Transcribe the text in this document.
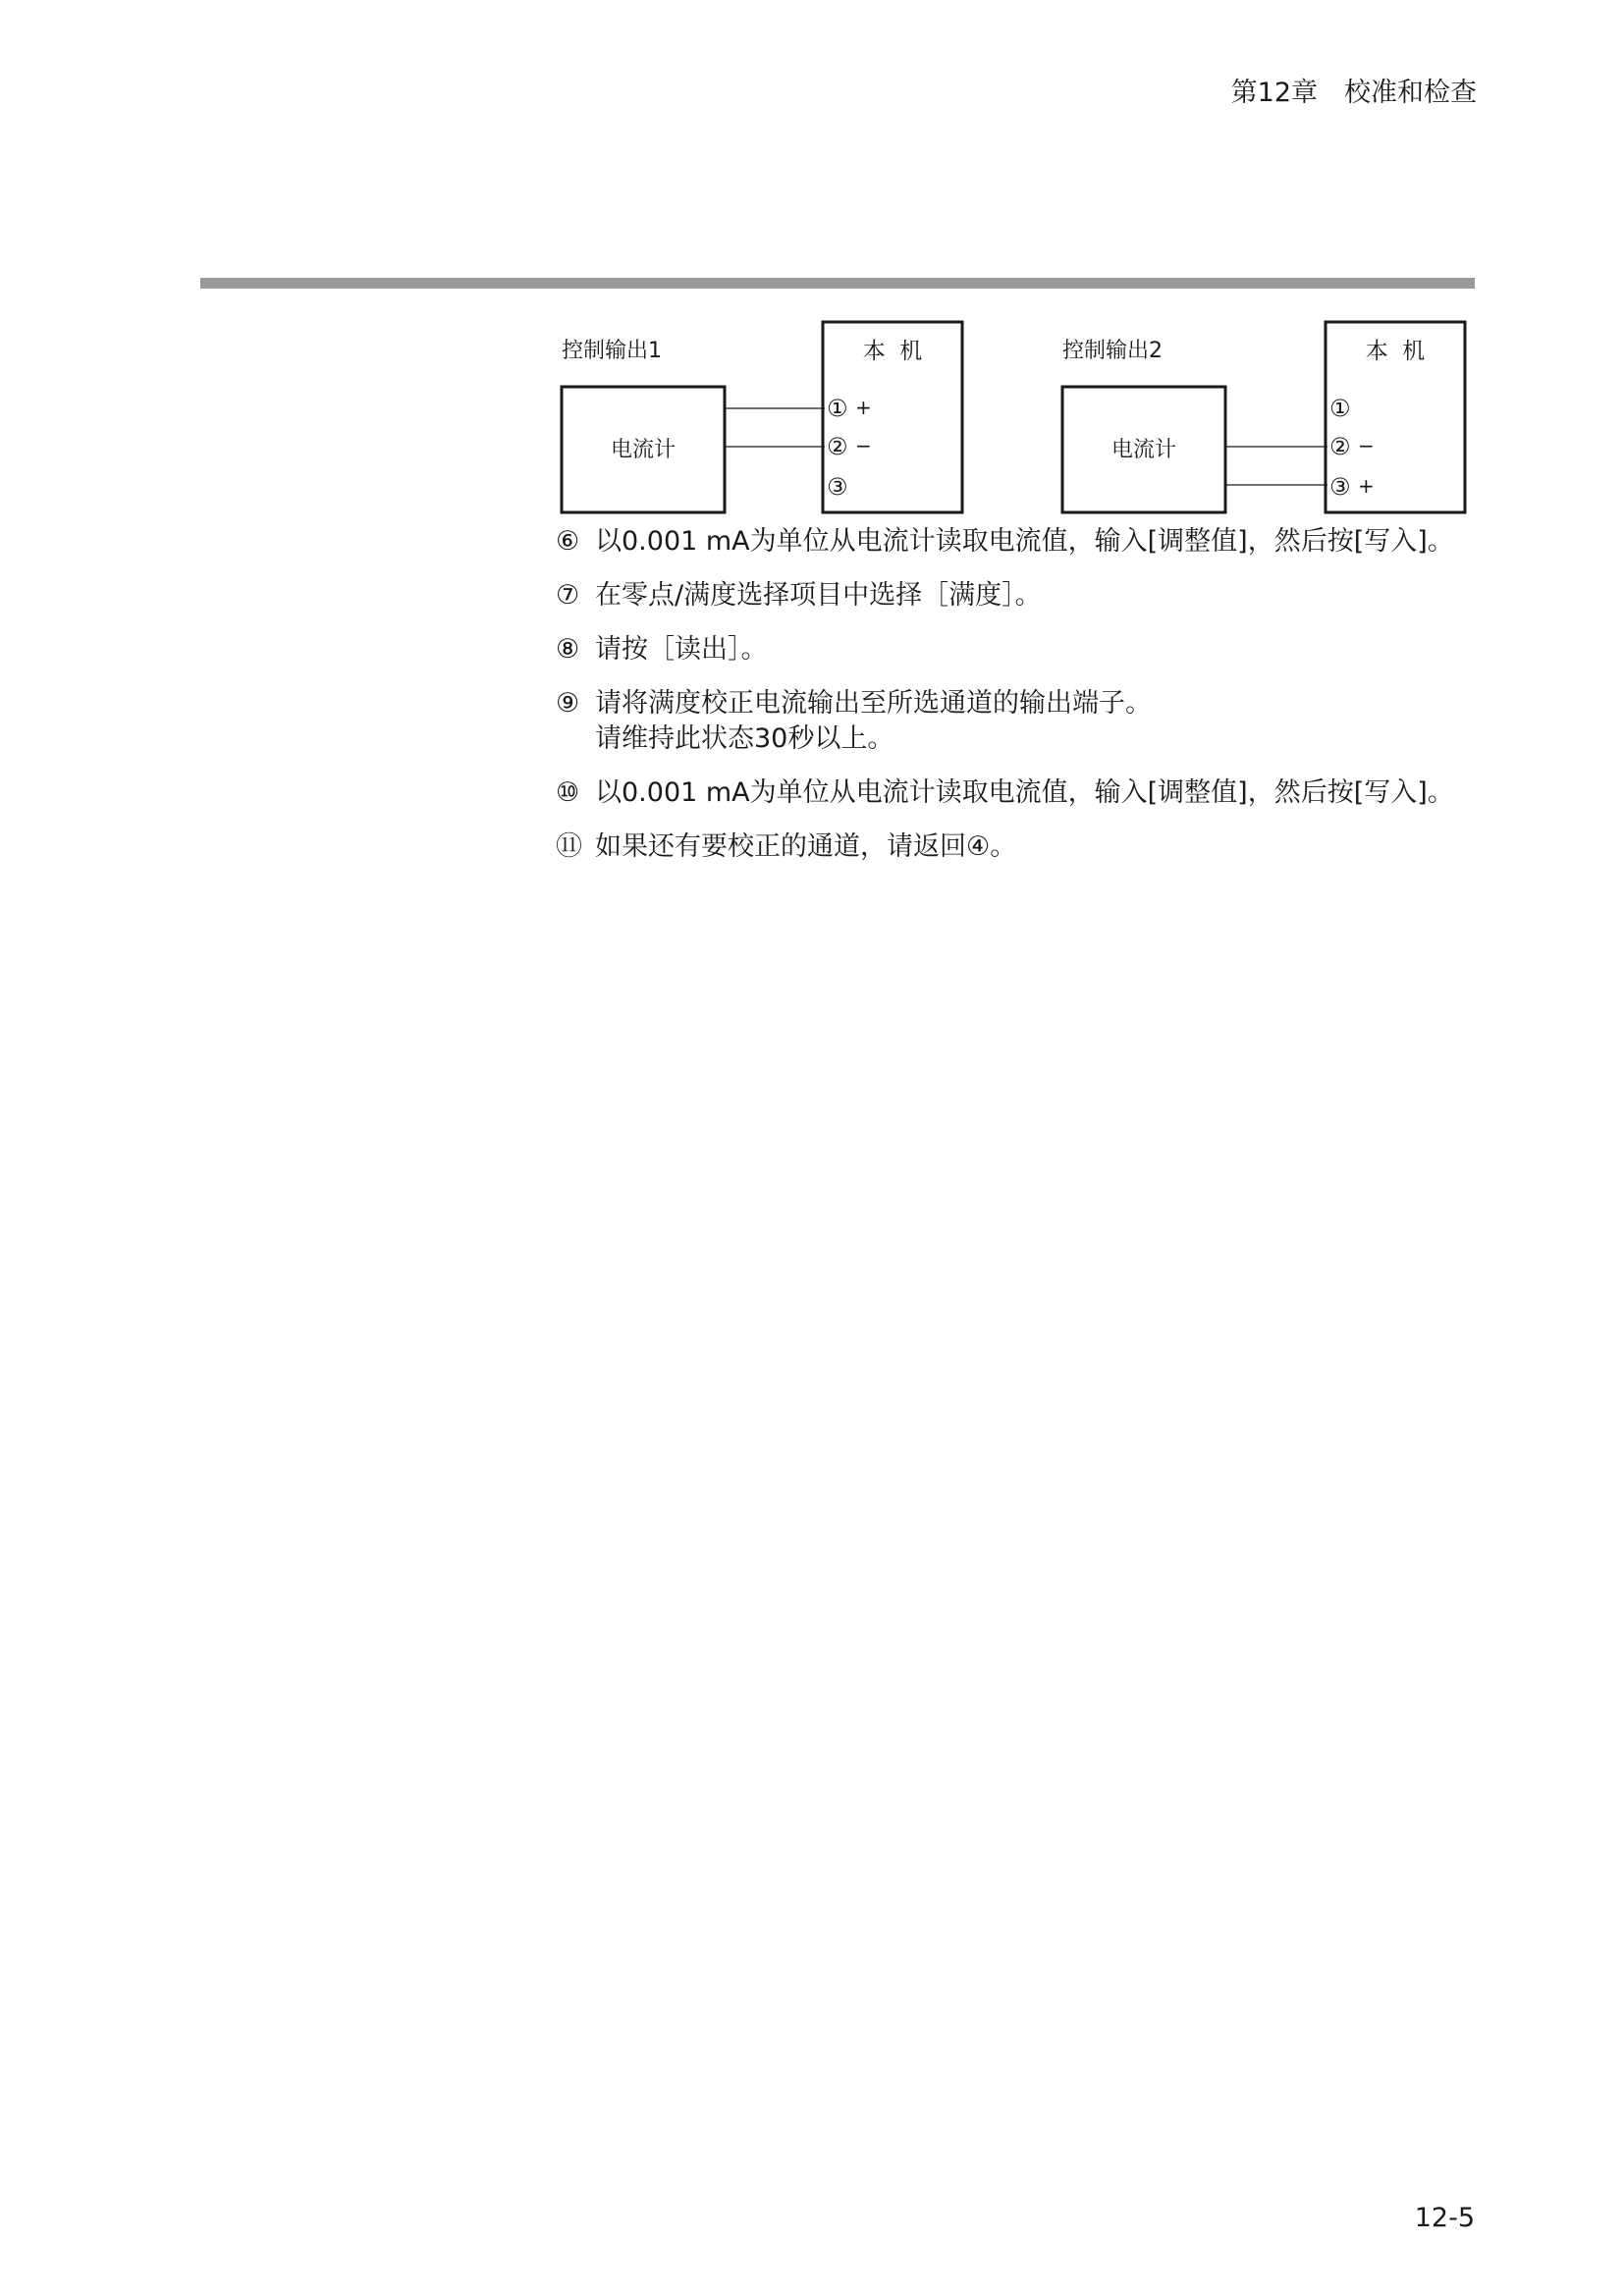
第12章　校准和检查
控制输出1
电流计
本  机
① +
② −
③
控制输出2
电流计
本  机
①
② −
③ +
⑥ 以0.001 mA为单位从电流计读取电流值，输入[调整值]，然后按[写入]。
⑦ 在零点/满度选择项目中选择［满度］。
⑧ 请按［读出］。
⑨ 请将满度校正电流输出至所选通道的输出端子。
请维持此状态30秒以上。
⑩ 以0.001 mA为单位从电流计读取电流值，输入[调整值]，然后按[写入]。
⑪ 如果还有要校正的通道，请返回④。
12-5
